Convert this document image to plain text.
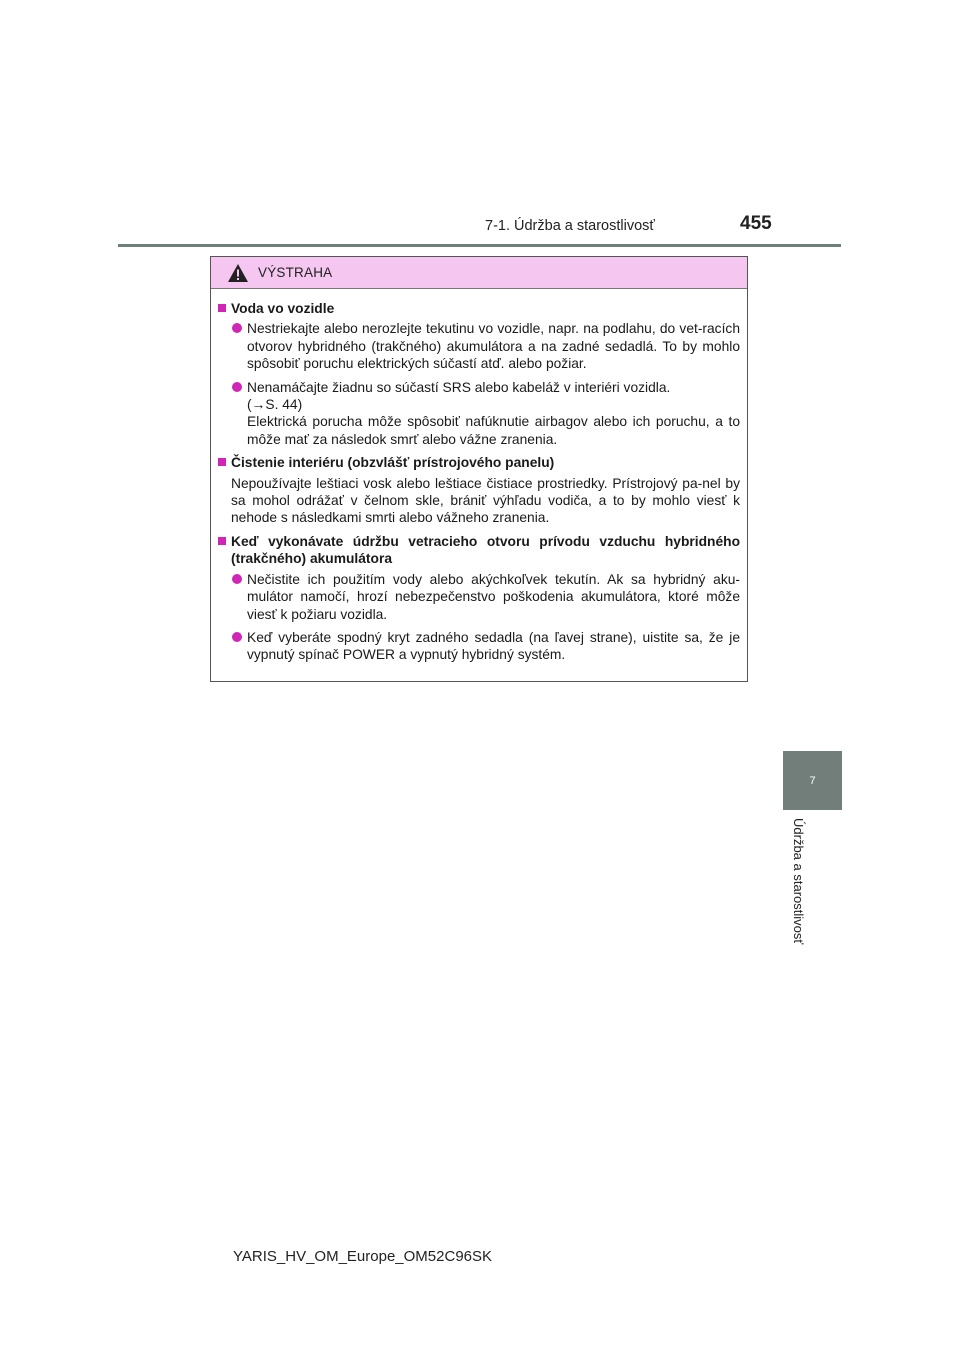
7-1. Údržba a starostlivosť	455
VÝSTRAHA
Voda vo vozidle
Nestriekajte alebo nerozlejte tekutinu vo vozidle, napr. na podlahu, do vet-racích otvorov hybridného (trakčného) akumulátora a na zadné sedadlá. To by mohlo spôsobiť poruchu elektrických súčastí atď. alebo požiar.
Nenamáčajte žiadnu so súčastí SRS alebo kabeláž v interiéri vozidla.
(→S. 44)
Elektrická porucha môže spôsobiť nafúknutie airbagov alebo ich poruchu, a to môže mať za následok smrť alebo vážne zranenia.
Čistenie interiéru (obzvlášť prístrojového panelu)
Nepoužívajte leštiaci vosk alebo leštiace čistiace prostriedky. Prístrojový pa-nel by sa mohol odrážať v čelnom skle, brániť výhľadu vodiča, a to by mohlo viesť k nehode s následkami smrti alebo vážneho zranenia.
Keď vykonávate údržbu vetracieho otvoru prívodu vzduchu hybridného (trakčného) akumulátora
Nečistite ich použitím vody alebo akýchkoľvek tekutín. Ak sa hybridný aku-mulátor namočí, hrozí nebezpečenstvo poškodenia akumulátora, ktoré môže viesť k požiaru vozidla.
Keď vyberáte spodný kryt zadného sedadla (na ľavej strane), uistite sa, že je vypnutý spínač POWER a vypnutý hybridný systém.
7
Údržba a starostlivosť
YARIS_HV_OM_Europe_OM52C96SK
